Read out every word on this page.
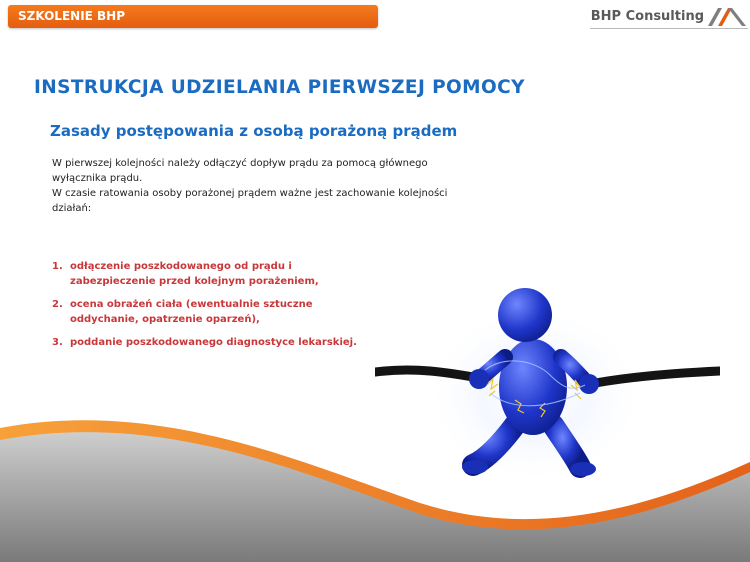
SZKOLENIE BHP	BHP Consulting
INSTRUKCJA UDZIELANIA PIERWSZEJ POMOCY
Zasady postępowania z osobą porażoną prądem

W pierwszej kolejności należy odłączyć dopływ prądu za pomocą głównego
wyłącznika prądu.
W czasie ratowania osoby porażonej prądem ważne jest zachowanie kolejności
działań:

1. odłączenie poszkodowanego od prądu i
zabezpieczenie przed kolejnym porażeniem,
2. ocena obrażeń ciała (ewentualnie sztuczne
oddychanie, opatrzenie oparzeń),
3. poddanie poszkodowanego diagnostyce lekarskiej.
380
